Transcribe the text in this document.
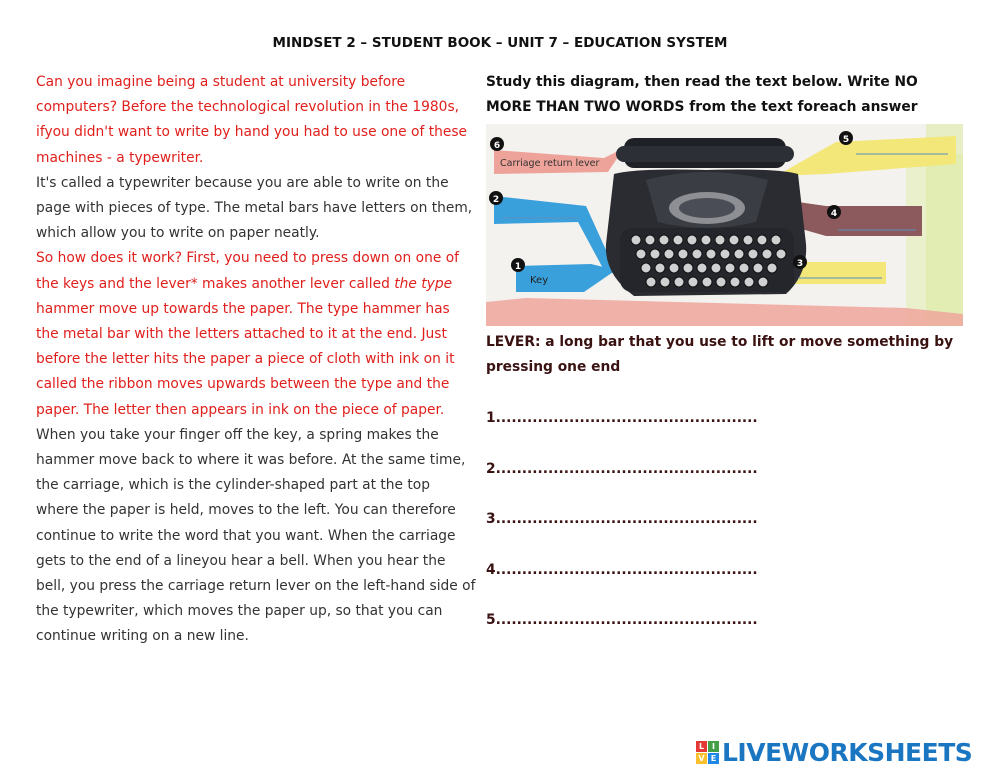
MINDSET 2 – STUDENT BOOK – UNIT 7 – EDUCATION SYSTEM

Can you imagine being a student at university before computers? Before the technological revolution in the 1980s, ifyou didn't want to write by hand you had to use one of these machines - a typewriter.

It's called a typewriter because you are able to write on the page with pieces of type. The metal bars have letters on them, which allow you to write on paper neatly.

So how does it work? First, you need to press down on one of the keys and the lever* makes another lever called the type hammer move up towards the paper. The type hammer has the metal bar with the letters attached to it at the end. Just before the letter hits the paper a piece of cloth with ink on it called the ribbon moves upwards between the type and the paper. The letter then appears in ink on the piece of paper.

When you take your finger off the key, a spring makes the hammer move back to where it was before. At the same time, the carriage, which is the cylinder-shaped part at the top where the paper is held, moves to the left. You can therefore continue to write the word that you want. When the carriage gets to the end of a lineyou hear a bell. When you hear the bell, you press the carriage return lever on the left-hand side of the typewriter, which moves the paper up, so that you can continue writing on a new line.

Study this diagram, then read the text below. Write NO MORE THAN TWO WORDS from the text foreach answer
6
Carriage return lever
2
1
Key
5
4
3
LEVER: a long bar that you use to lift or move something by pressing one end
1..................................................
2..................................................
3..................................................
4..................................................
5..................................................
L I
V E LIVEWORKSHEETS
